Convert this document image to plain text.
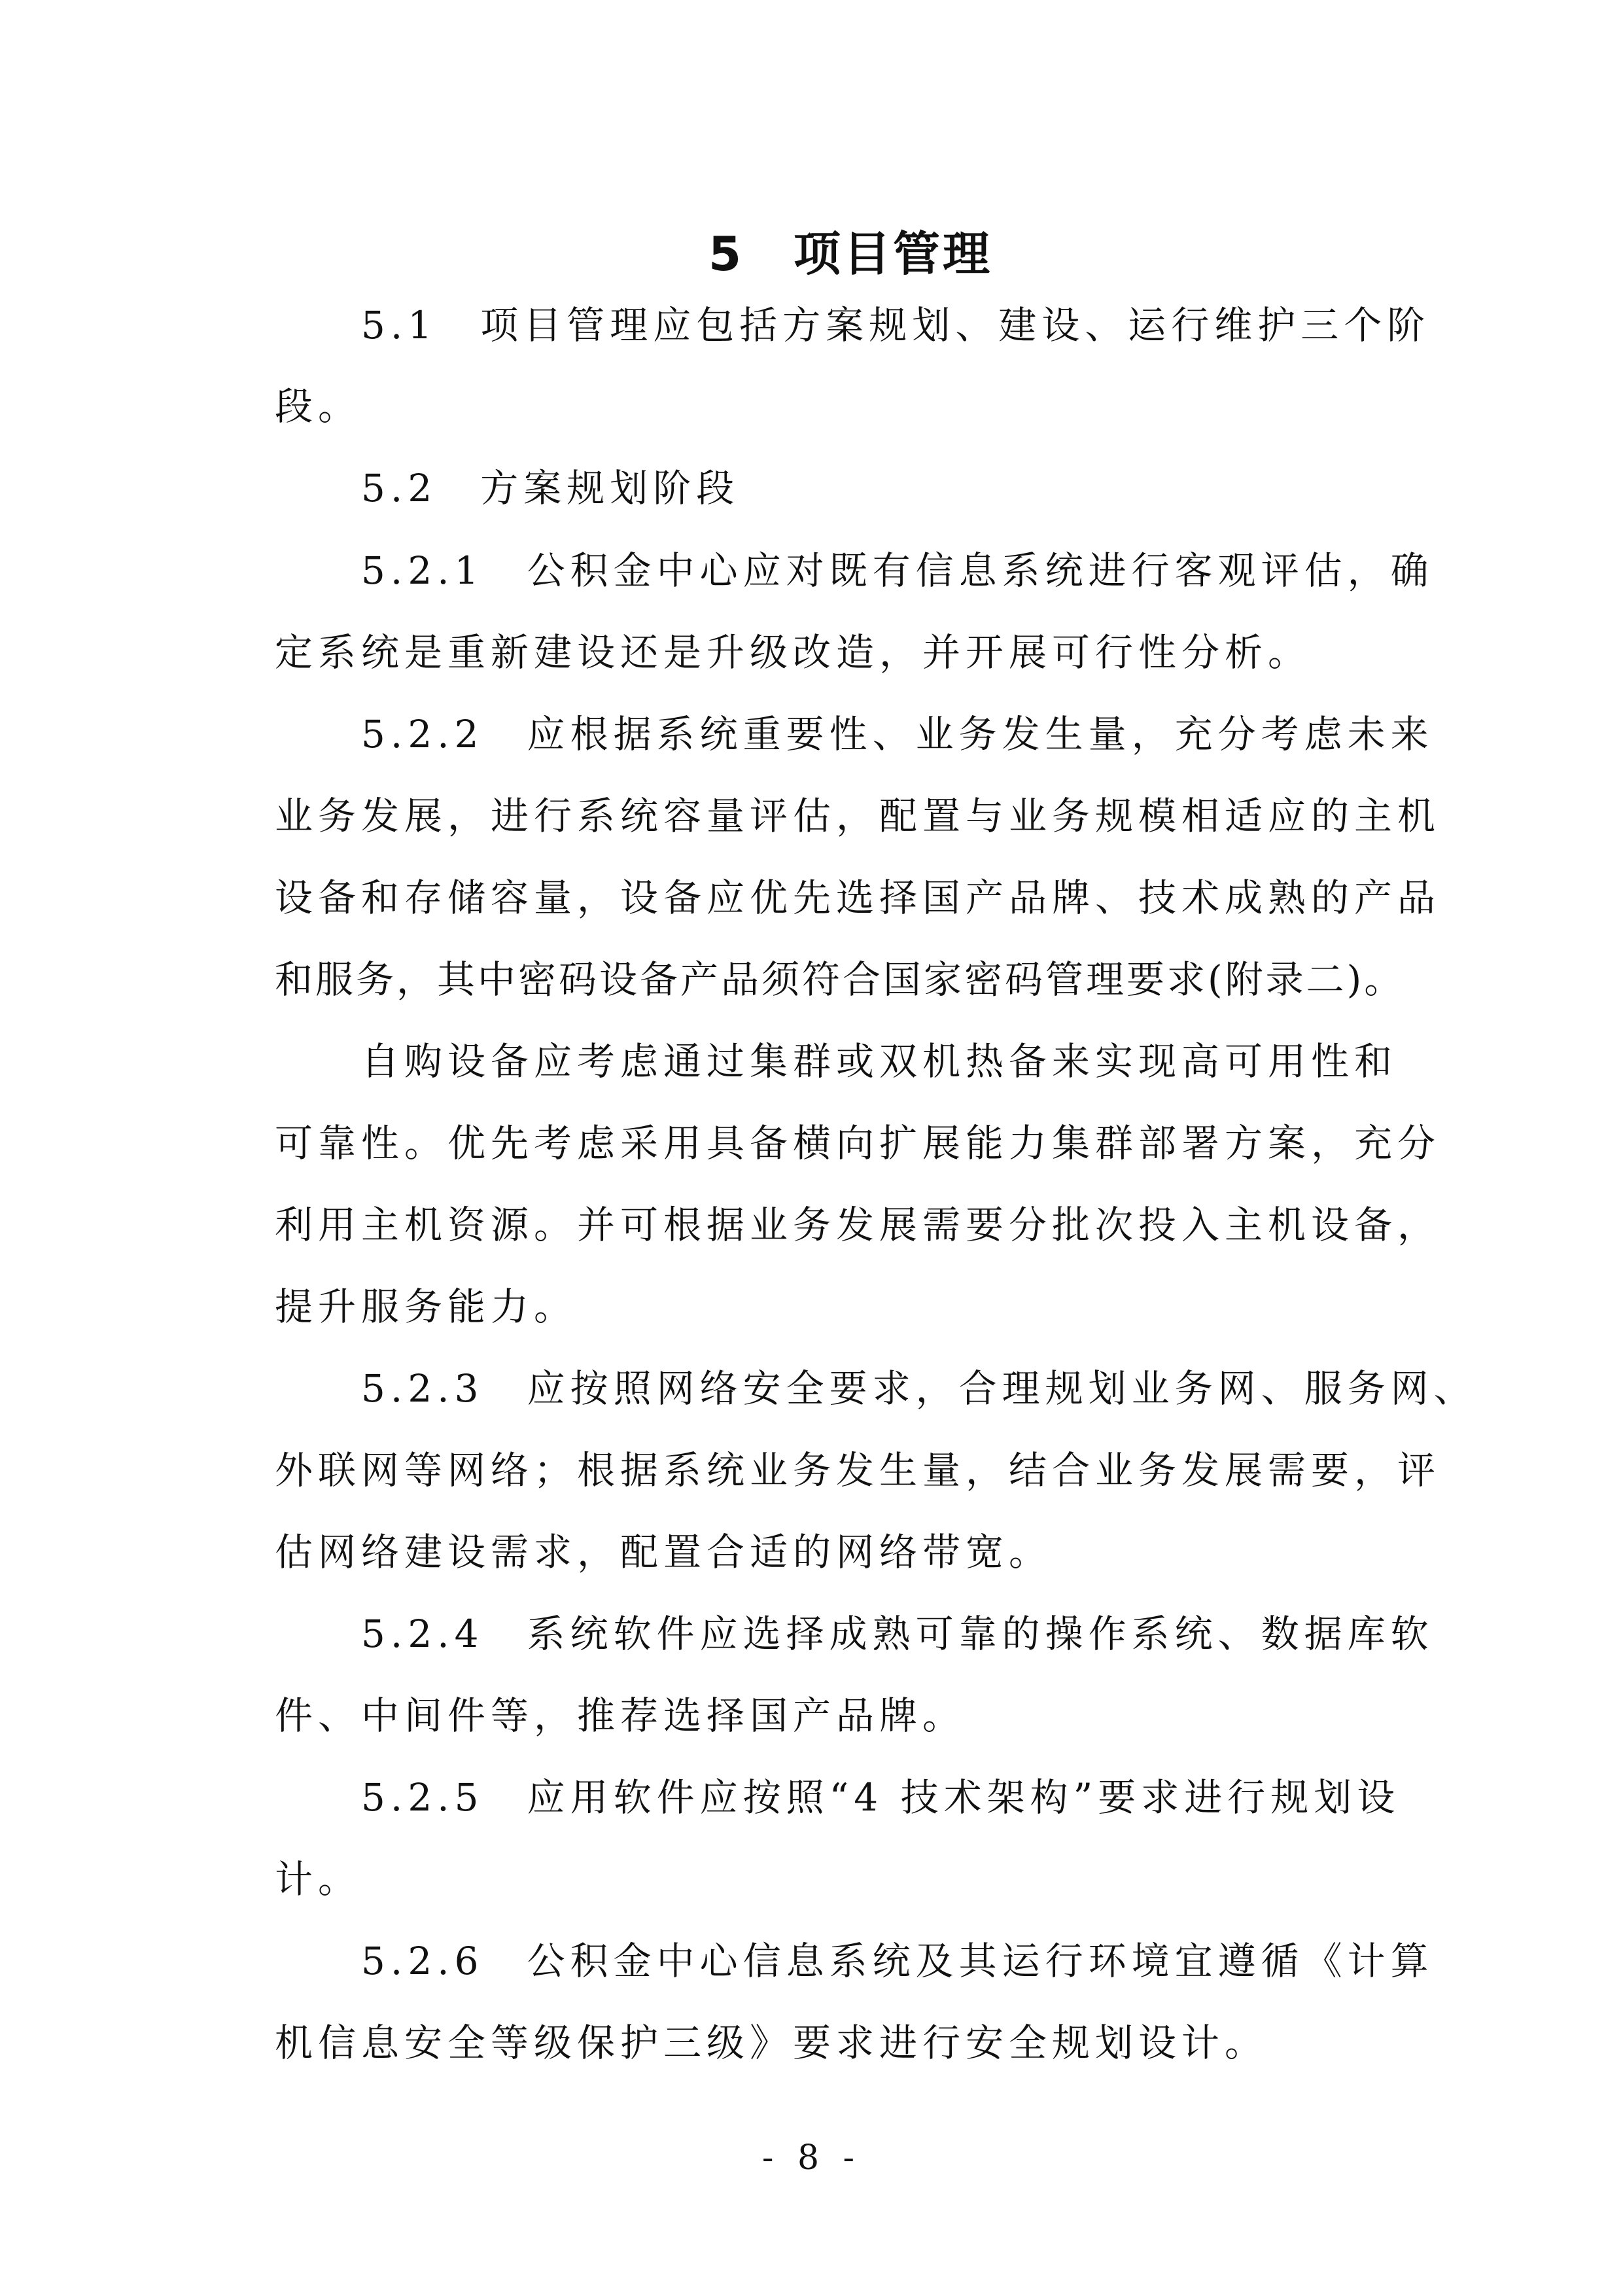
5　项目管理
5.1　项目管理应包括方案规划、建设、运行维护三个阶
段。
5.2　方案规划阶段
5.2.1　公积金中心应对既有信息系统进行客观评估，确
定系统是重新建设还是升级改造，并开展可行性分析。
5.2.2　应根据系统重要性、业务发生量，充分考虑未来
业务发展，进行系统容量评估，配置与业务规模相适应的主机
设备和存储容量，设备应优先选择国产品牌、技术成熟的产品
和服务，其中密码设备产品须符合国家密码管理要求(附录二)。
自购设备应考虑通过集群或双机热备来实现高可用性和
可靠性。优先考虑采用具备横向扩展能力集群部署方案，充分
利用主机资源。并可根据业务发展需要分批次投入主机设备，
提升服务能力。
5.2.3　应按照网络安全要求，合理规划业务网、服务网、
外联网等网络；根据系统业务发生量，结合业务发展需要，评
估网络建设需求，配置合适的网络带宽。
5.2.4　系统软件应选择成熟可靠的操作系统、数据库软
件、中间件等，推荐选择国产品牌。
5.2.5　应用软件应按照“4 技术架构”要求进行规划设
计。
5.2.6　公积金中心信息系统及其运行环境宜遵循《计算
机信息安全等级保护三级》要求进行安全规划设计。
- 8 -
